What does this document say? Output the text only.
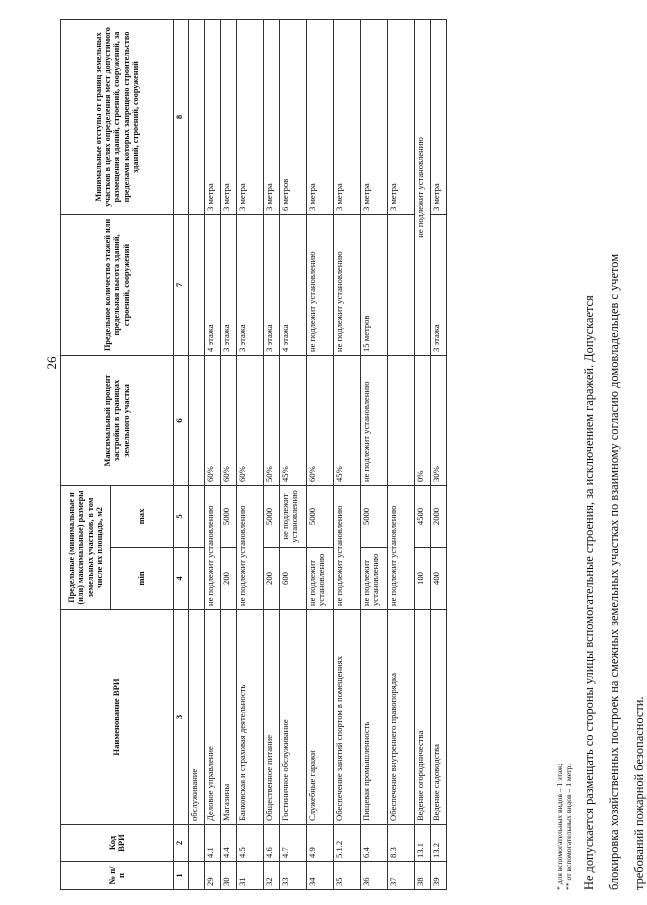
26
№ п/п	Код ВРИ	Наименование ВРИ	Предельные (минимальные и (или) максимальные) размеры земельных участков, в том числе их площадь, м2		Максимальный процент застройки в границах земельного участка	Предельное количество этажей или предельная высота зданий, строений, сооружений	Минимальные отступы от границ земельных участков в целях определения мест допустимого размещения зданий, строений, сооружений, за пределами которых запрещено строительство зданий, строений, сооружений
			min	max			
1	2	3	4	5	6	7	8
		обслуживание					
29	4.1	Деловое управление	не подлежит установлению		60%	4 этажа	3 метра
30	4.4	Магазины	200	5000	60%	3 этажа	3 метра
31	4.5	Банковская и страховая деятельность	не подлежит установлению		60%	3 этажа	3 метра
32	4.6	Общественное питание	200	5000	50%	3 этажа	3 метра
33	4.7	Гостиничное обслуживание	600	не подлежит установлению	45%	4 этажа	6 метров
34	4.9	Служебные гаражи	не подлежит установлению	5000	60%	не подлежит установлению	3 метра
35	5.1.2	Обеспечение занятий спортом в помещениях	не подлежит установлению		45%	не подлежит установлению	3 метра
36	6.4	Пищевая промышленность	не подлежит установлению	5000	не подлежит установлению	15 метров	3 метра
37	8.3	Обеспечение внутреннего правопорядка	не подлежит установлению				3 метра
38	13.1	Ведение огородничества	100	4500	0%	не подлежит установлению	
39	13.2	Ведение садоводства	400	2000	30%	3 этажа	3 метра
* для вспомогательных видов – 1 этаж; ** от вспомогательных видов – 1 метр. Не допускается размещать со стороны улицы вспомогательные строения, за исключением гаражей. Допускается блокировка хозяйственных построек на смежных земельных участках по взаимному согласию домовладельцев с учетом требований пожарной безопасности.
